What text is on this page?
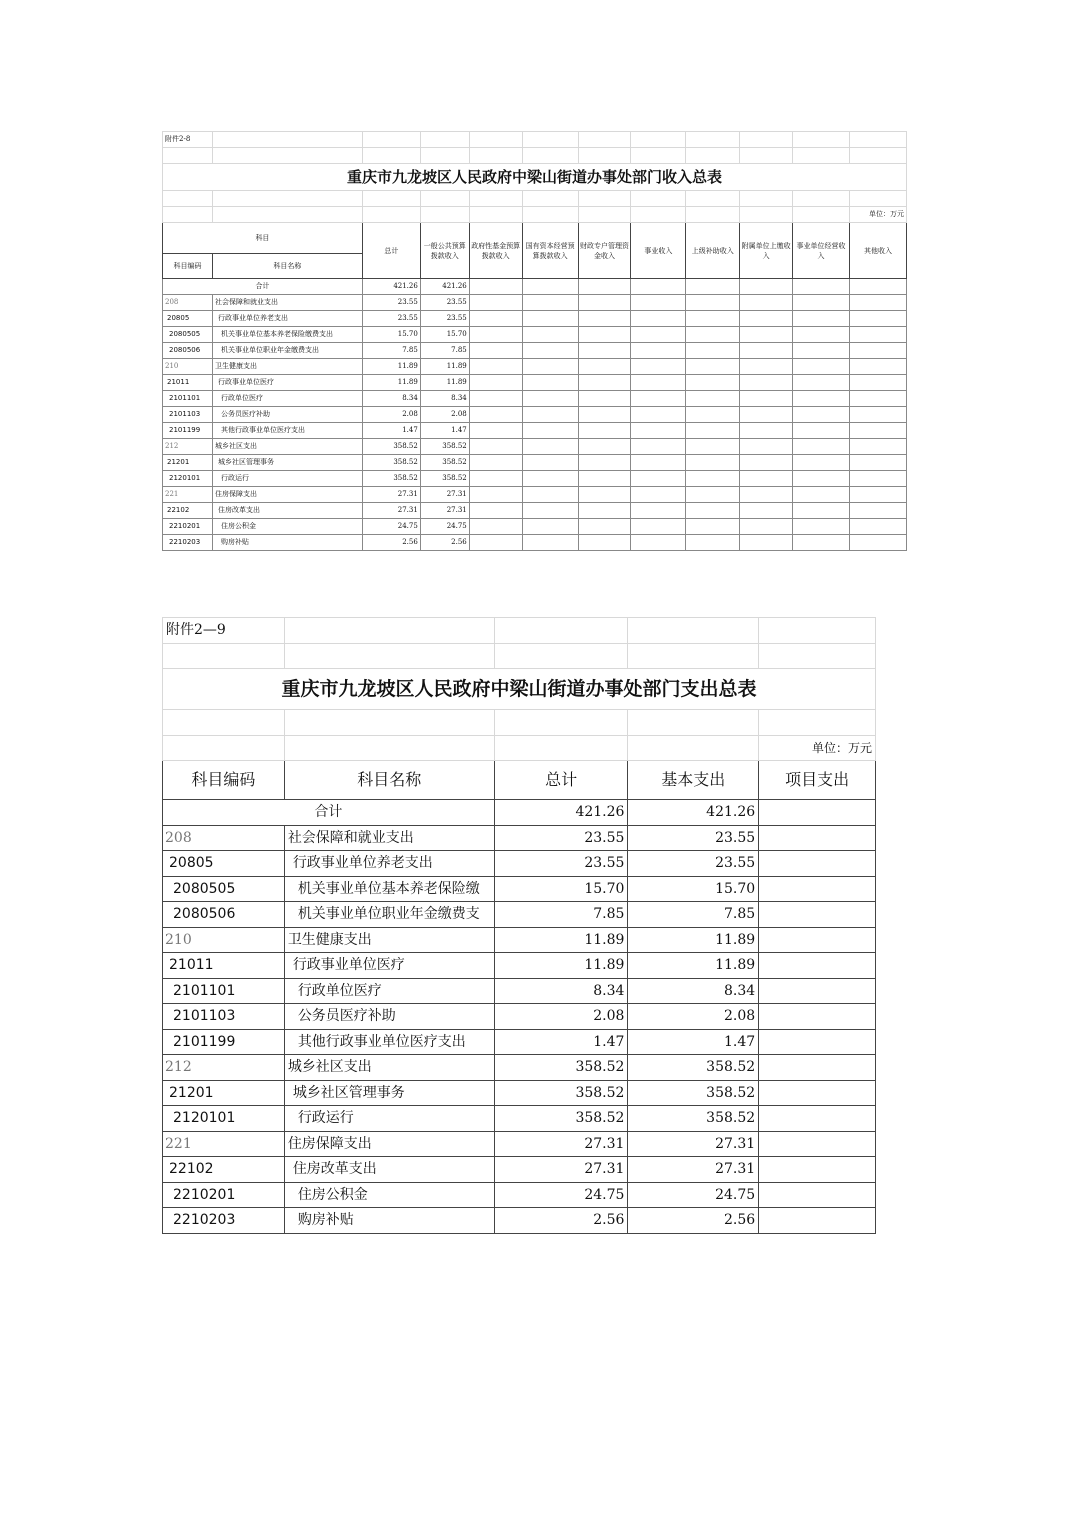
附件2-8											

重庆市九龙坡区人民政府中梁山街道办事处部门收入总表											

											单位：万元
科目		总计	一般公共预算拨款收入	政府性基金预算拨款收入	国有资本经营预算拨款收入	财政专户管理资金收入	事业收入	上级补助收入	附属单位上缴收入	事业单位经营收入	其他收入
科目编码	科目名称										
合计		421.26	421.26								
208	社会保障和就业支出	23.55	23.55								
20805	行政事业单位养老支出	23.55	23.55								
2080505	机关事业单位基本养老保险缴费支出	15.70	15.70								
2080506	机关事业单位职业年金缴费支出	7.85	7.85								
210	卫生健康支出	11.89	11.89								
21011	行政事业单位医疗	11.89	11.89								
2101101	行政单位医疗	8.34	8.34								
2101103	公务员医疗补助	2.08	2.08								
2101199	其他行政事业单位医疗支出	1.47	1.47								
212	城乡社区支出	358.52	358.52								
21201	城乡社区管理事务	358.52	358.52								
2120101	行政运行	358.52	358.52								
221	住房保障支出	27.31	27.31								
22102	住房改革支出	27.31	27.31								
2210201	住房公积金	24.75	24.75								
2210203	购房补贴	2.56	2.56								
附件2—9				

重庆市九龙坡区人民政府中梁山街道办事处部门支出总表				

				单位：万元
科目编码	科目名称	总计	基本支出	项目支出
合计		421.26	421.26	
208	社会保障和就业支出	23.55	23.55	
20805	行政事业单位养老支出	23.55	23.55	
2080505	机关事业单位基本养老保险缴	15.70	15.70	
2080506	机关事业单位职业年金缴费支	7.85	7.85	
210	卫生健康支出	11.89	11.89	
21011	行政事业单位医疗	11.89	11.89	
2101101	行政单位医疗	8.34	8.34	
2101103	公务员医疗补助	2.08	2.08	
2101199	其他行政事业单位医疗支出	1.47	1.47	
212	城乡社区支出	358.52	358.52	
21201	城乡社区管理事务	358.52	358.52	
2120101	行政运行	358.52	358.52	
221	住房保障支出	27.31	27.31	
22102	住房改革支出	27.31	27.31	
2210201	住房公积金	24.75	24.75	
2210203	购房补贴	2.56	2.56	
